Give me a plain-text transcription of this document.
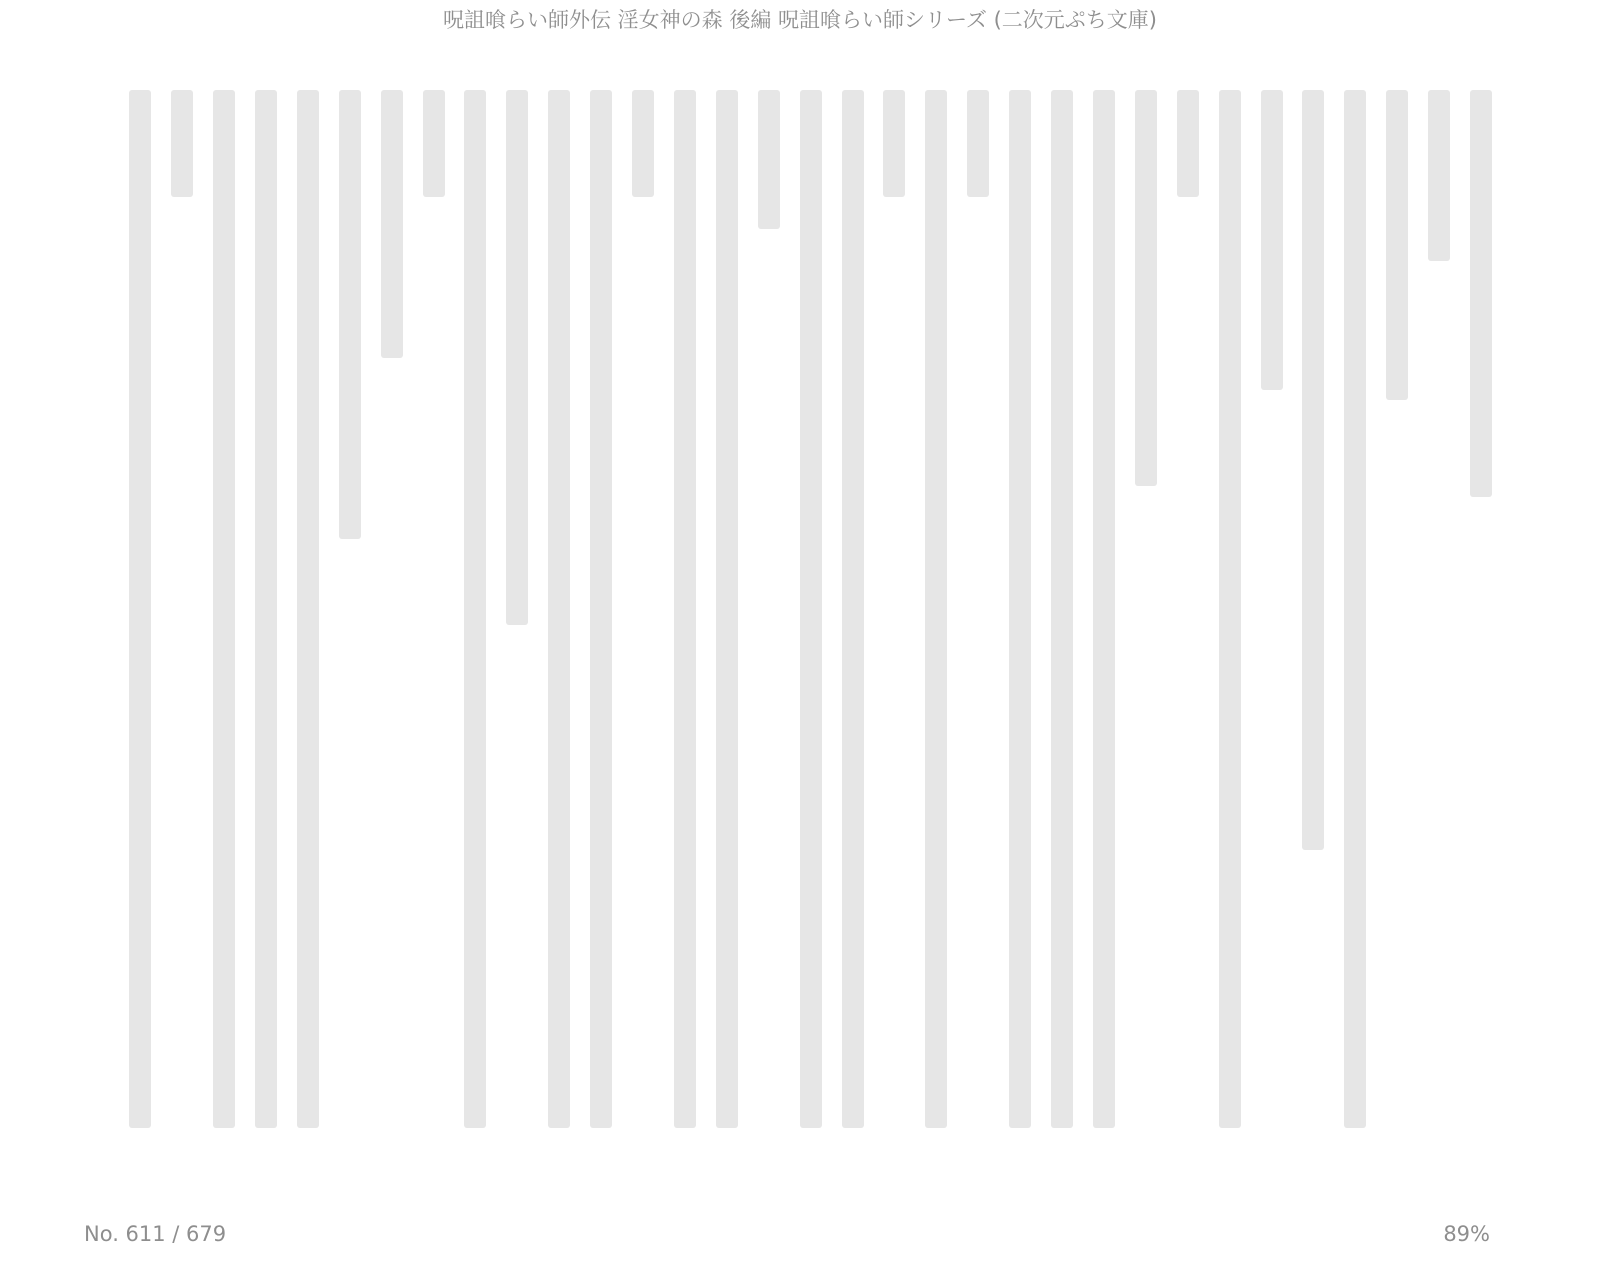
呪詛喰らい師外伝 淫女神の森 後編 呪詛喰らい師シリーズ (二次元ぷち文庫)
No. 611 / 679	89%
